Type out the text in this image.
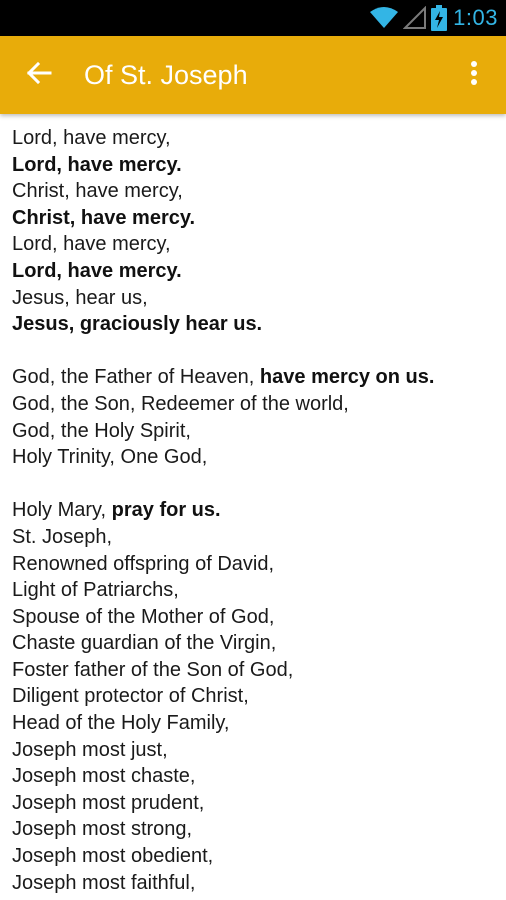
1:03
Of St. Joseph
Lord, have mercy,
Lord, have mercy.
Christ, have mercy,
Christ, have mercy.
Lord, have mercy,
Lord, have mercy.
Jesus, hear us,
Jesus, graciously hear us.
God, the Father of Heaven, have mercy on us.
God, the Son, Redeemer of the world,
God, the Holy Spirit,
Holy Trinity, One God,
Holy Mary, pray for us.
St. Joseph,
Renowned offspring of David,
Light of Patriarchs,
Spouse of the Mother of God,
Chaste guardian of the Virgin,
Foster father of the Son of God,
Diligent protector of Christ,
Head of the Holy Family,
Joseph most just,
Joseph most chaste,
Joseph most prudent,
Joseph most strong,
Joseph most obedient,
Joseph most faithful,
